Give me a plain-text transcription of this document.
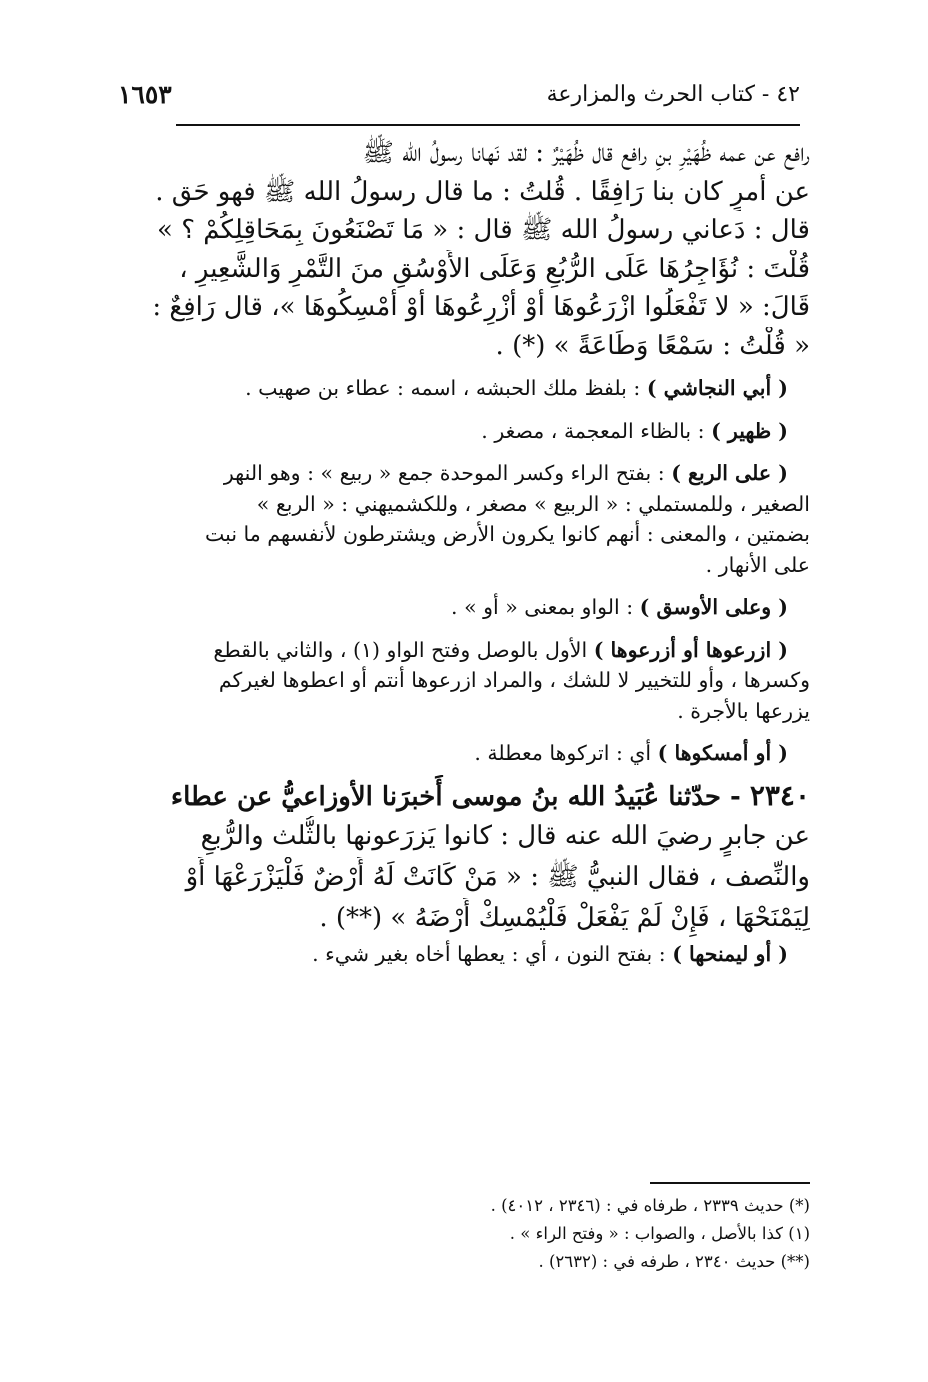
٤٢ - كتاب الحرث والمزارعة
١٦٥٣
رافع عن عمه ظُهَيْرِ بنِ رافع قال ظُهَيْرٌ : لقد نَهانا رسولُ الله ﷺ
عن أَمرٍ كان بنا رَافِقًا . قُلتُ : ما قال رسولُ الله ﷺ فهو حَق .
قال : دَعاني رسولُ الله ﷺ قال : « مَا تَصْنَعُونَ بِمَحَاقِلِكُمْ ؟ »
قُلْتَ : نُؤَاجِرُهَا عَلَى الرُّبُعِ وَعَلَى الأَوْسُقِ منَ التَّمْرِ وَالشَّعِيرِ ،
قَالَ: « لا تَفْعَلُوا ازْرَعُوهَا أَوْ أَزْرِعُوهَا أَوْ أَمْسِكُوهَا »، قال رَافِعٌ :
« قُلْتُ : سَمْعًا وَطَاعَةً » (*) .
( أبي النجاشي ) : بلفظ ملك الحبشه ، اسمه : عطاء بن صهيب .
( ظهير ) : بالظاء المعجمة ، مصغر .
( على الربع ) : بفتح الراء وكسر الموحدة جمع « ربيع » : وهو النهر
الصغير ، وللمستملي : « الربيع » مصغر ، وللكشميهني : « الربع »
بضمتين ، والمعنى : أنهم كانوا يكرون الأرض ويشترطون لأنفسهم ما نبت
على الأنهار .
( وعلى الأوسق ) : الواو بمعنى « أو » .
( ازرعوها أو أزرعوها ) الأول بالوصل وفتح الواو (١) ، والثاني بالقطع
وكسرها ، وأو للتخيير لا للشك ، والمراد ازرعوها أنتم أو اعطوها لغيركم
يزرعها بالأجرة .
( أو أمسكوها ) أي : اتركوها معطلة .
٢٣٤٠ - حدّثنا عُبَيدُ الله بنُ موسى أَخبرَنا الأوزاعيُّ عن عطاء
عن جابرٍ رضيَ الله عنه قال : كانوا يَزرَعونها بالثُّلث والرُّبعِ
والنِّصف ، فقال النبيُّ ﷺ : « مَنْ كَانَتْ لَهُ أَرْضٌ فَلْيَزْرَعْهَا أَوْ
لِيَمْنَحْهَا ، فَإِنْ لَمْ يَفْعَلْ فَلْيُمْسِكْ أَرْضَهُ » (**) .
( أو ليمنحها ) : بفتح النون ، أي : يعطها أخاه بغير شيء .
(*) حديث ٢٣٣٩ ، طرفاه في : (٢٣٤٦ ، ٤٠١٢) .
(١) كذا بالأصل ، والصواب : « وفتح الراء » .
(**) حديث ٢٣٤٠ ، طرفه في : (٢٦٣٢) .
